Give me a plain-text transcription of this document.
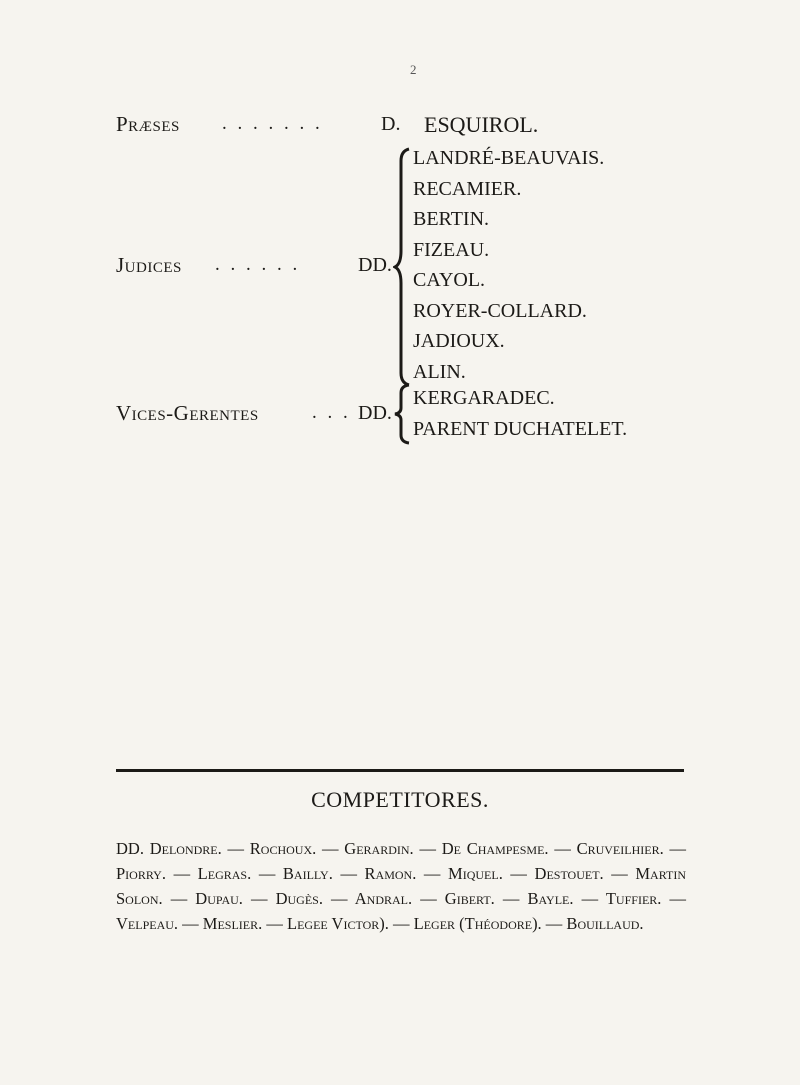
2
Præses . . . . . . .	D. ESQUIROL.
Judices . . . . . .	DD.
LANDRÉ-BEAUVAIS.
RECAMIER.
BERTIN.
FIZEAU.
CAYOL.
ROYER-COLLARD.
JADIOUX.
ALIN.
Vices-Gerentes	. . . DD.
KERGARADEC.
PARENT DUCHATELET.
COMPETITORES.

DD. Delondre. — Rochoux. — Gerardin. — De Champesme. — Cruveilhier. — Piorry. — Legras. — Bailly. — Ramon. — Miquel. — Destouet. — Martin Solon. — Dupau. — Dugès. — Andral. — Gibert. — Bayle. — Tuffier. — Velpeau. — Meslier. — Legee Victor). — Leger (Théodore). — Bouillaud.
